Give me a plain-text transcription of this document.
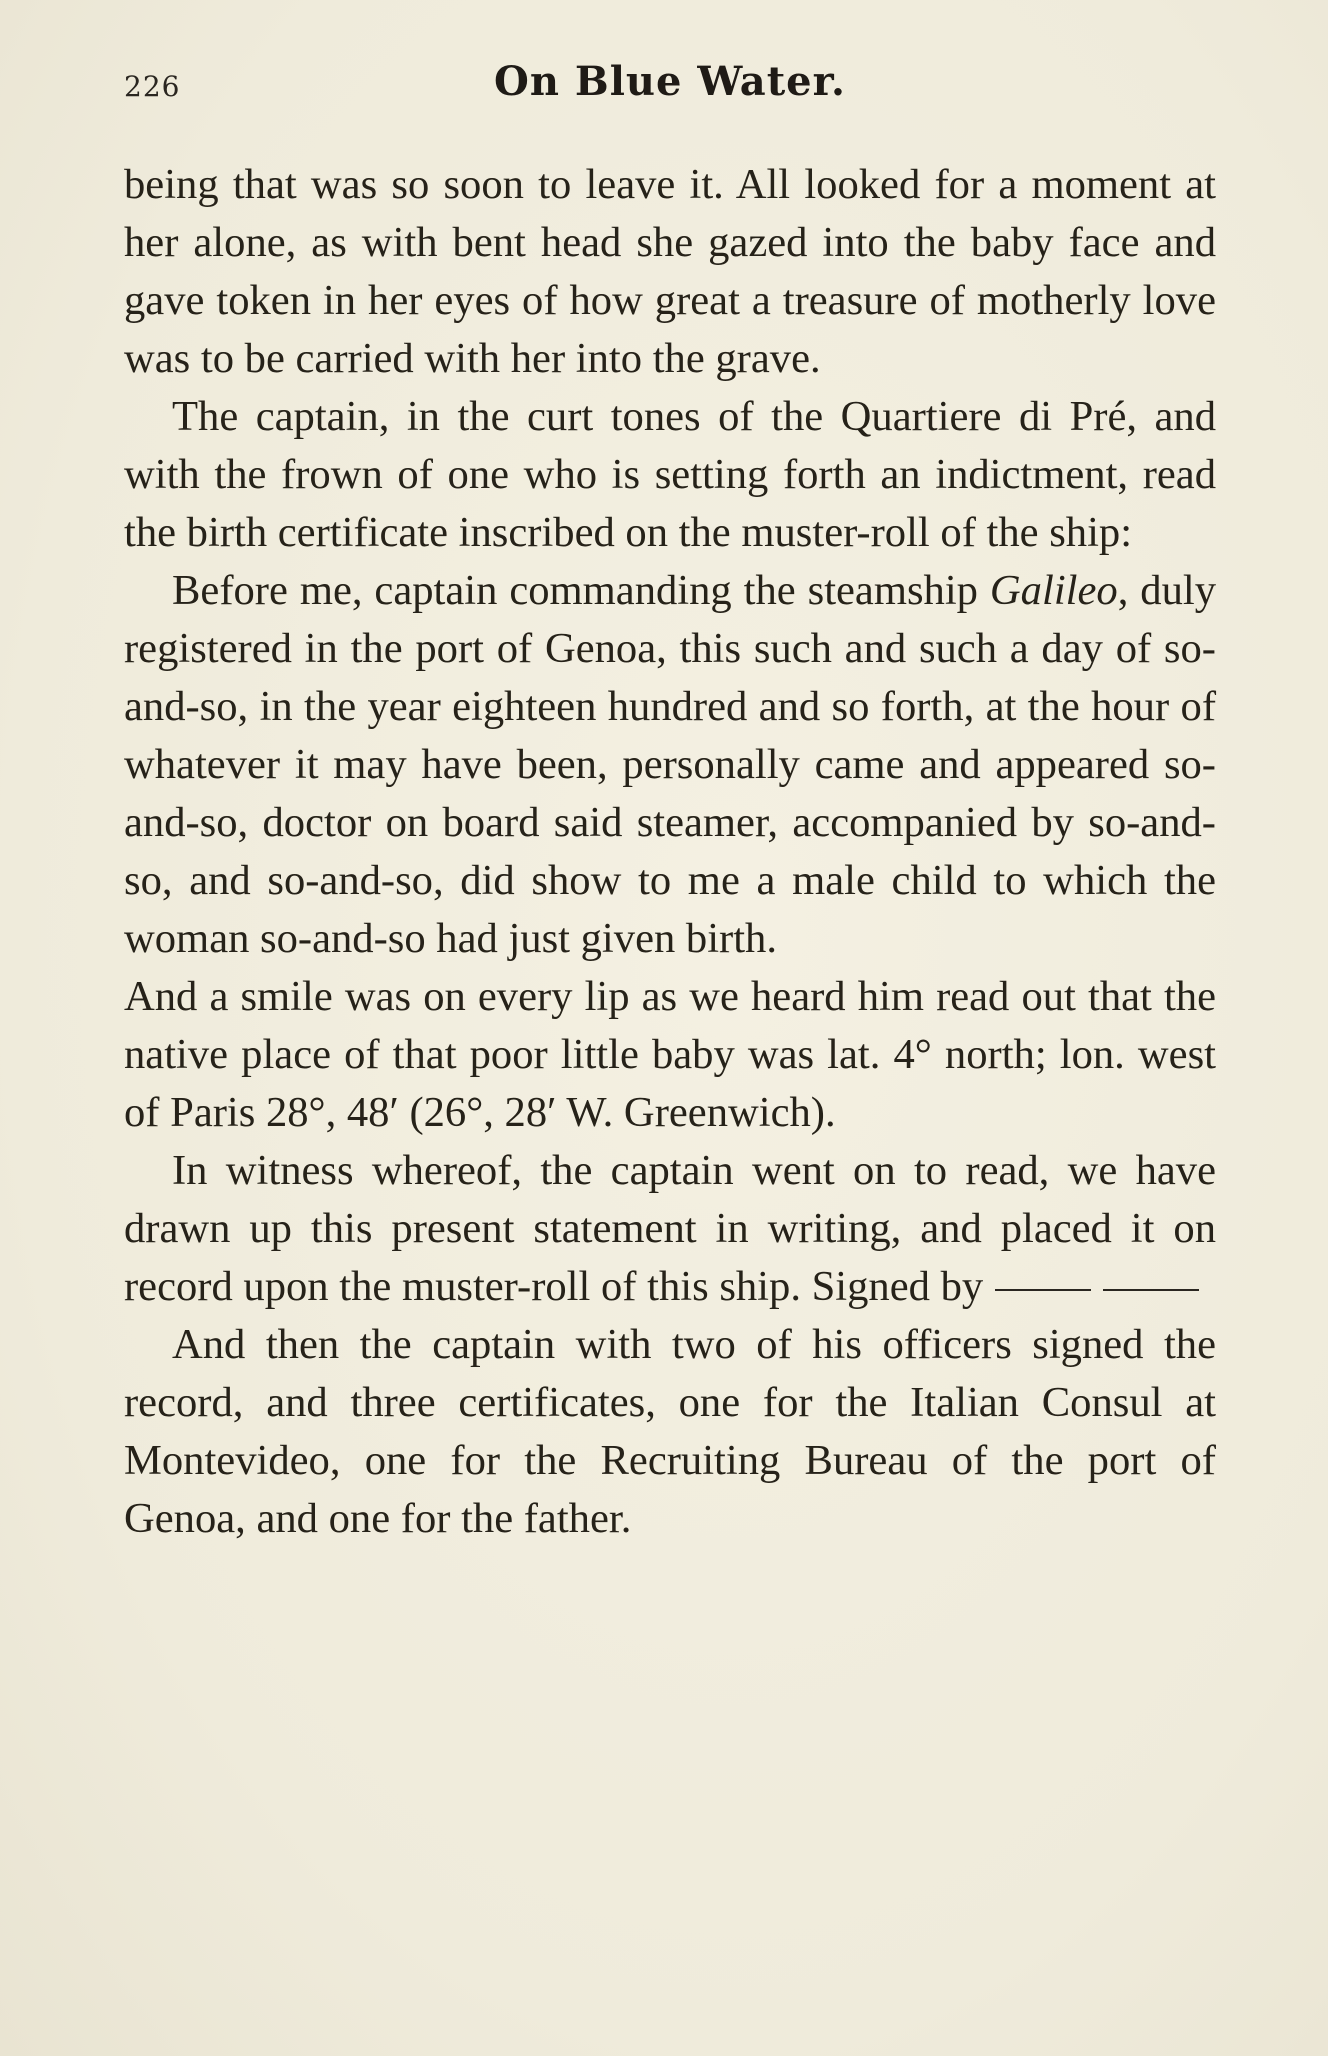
226	On Blue Water.

being that was so soon to leave it. All looked for a moment at her alone, as with bent head she gazed into the baby face and gave token in her eyes of how great a treasure of motherly love was to be carried with her into the grave.

The captain, in the curt tones of the Quartiere di Pré, and with the frown of one who is setting forth an indictment, read the birth certificate inscribed on the muster-roll of the ship:

Before me, captain commanding the steamship Galileo, duly registered in the port of Genoa, this such and such a day of so-and-so, in the year eighteen hundred and so forth, at the hour of whatever it may have been, personally came and appeared so-and-so, doctor on board said steamer, accompanied by so-and-so, and so-and-so, did show to me a male child to which the woman so-and-so had just given birth.

And a smile was on every lip as we heard him read out that the native place of that poor little baby was lat. 4° north; lon. west of Paris 28°, 48′ (26°, 28′ W. Greenwich).

In witness whereof, the captain went on to read, we have drawn up this present statement in writing, and placed it on record upon the muster-roll of this ship. Signed by

And then the captain with two of his officers signed the record, and three certificates, one for the Italian Consul at Montevideo, one for the Recruiting Bureau of the port of Genoa, and one for the father.
